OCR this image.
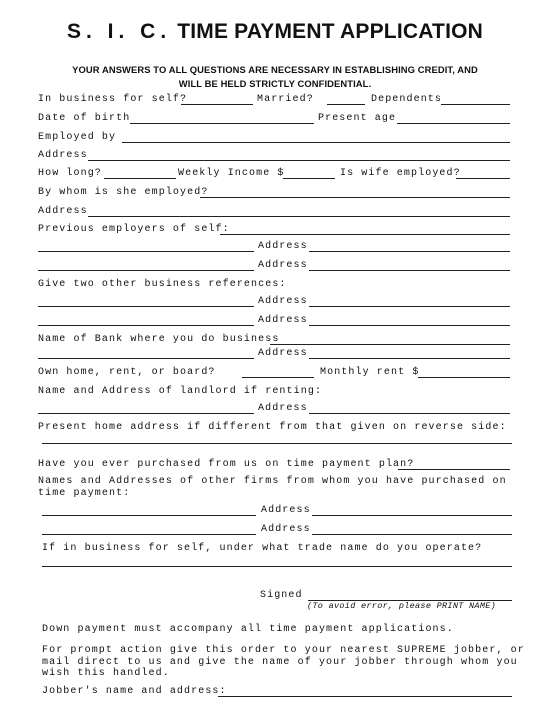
S. I. C. TIME PAYMENT APPLICATION
YOUR ANSWERS TO ALL QUESTIONS ARE NECESSARY IN ESTABLISHING CREDIT, AND
WILL BE HELD STRICTLY CONFIDENTIAL.
In business for self?	Married?	Dependents
Date of birth	Present age
Employed by
Address
How long?	Weekly Income $	Is wife employed?
By whom is she employed?
Address
Previous employers of self:
Address
Address
Give two other business references:
Address
Address
Name of Bank where you do business
Address
Own home, rent, or board?	Monthly rent $
Name and Address of landlord if renting:
Address
Present home address if different from that given on reverse side:
Have you ever purchased from us on time payment plan?
Names and Addresses of other firms from whom you have purchased on
time payment:
Address
Address
If in business for self, under what trade name do you operate?
Signed
(To avoid error, please PRINT NAME)
Down payment must accompany all time payment applications.
For prompt action give this order to your nearest SUPREME jobber, or
mail direct to us and give the name of your jobber through whom you
wish this handled.
Jobber's name and address:
